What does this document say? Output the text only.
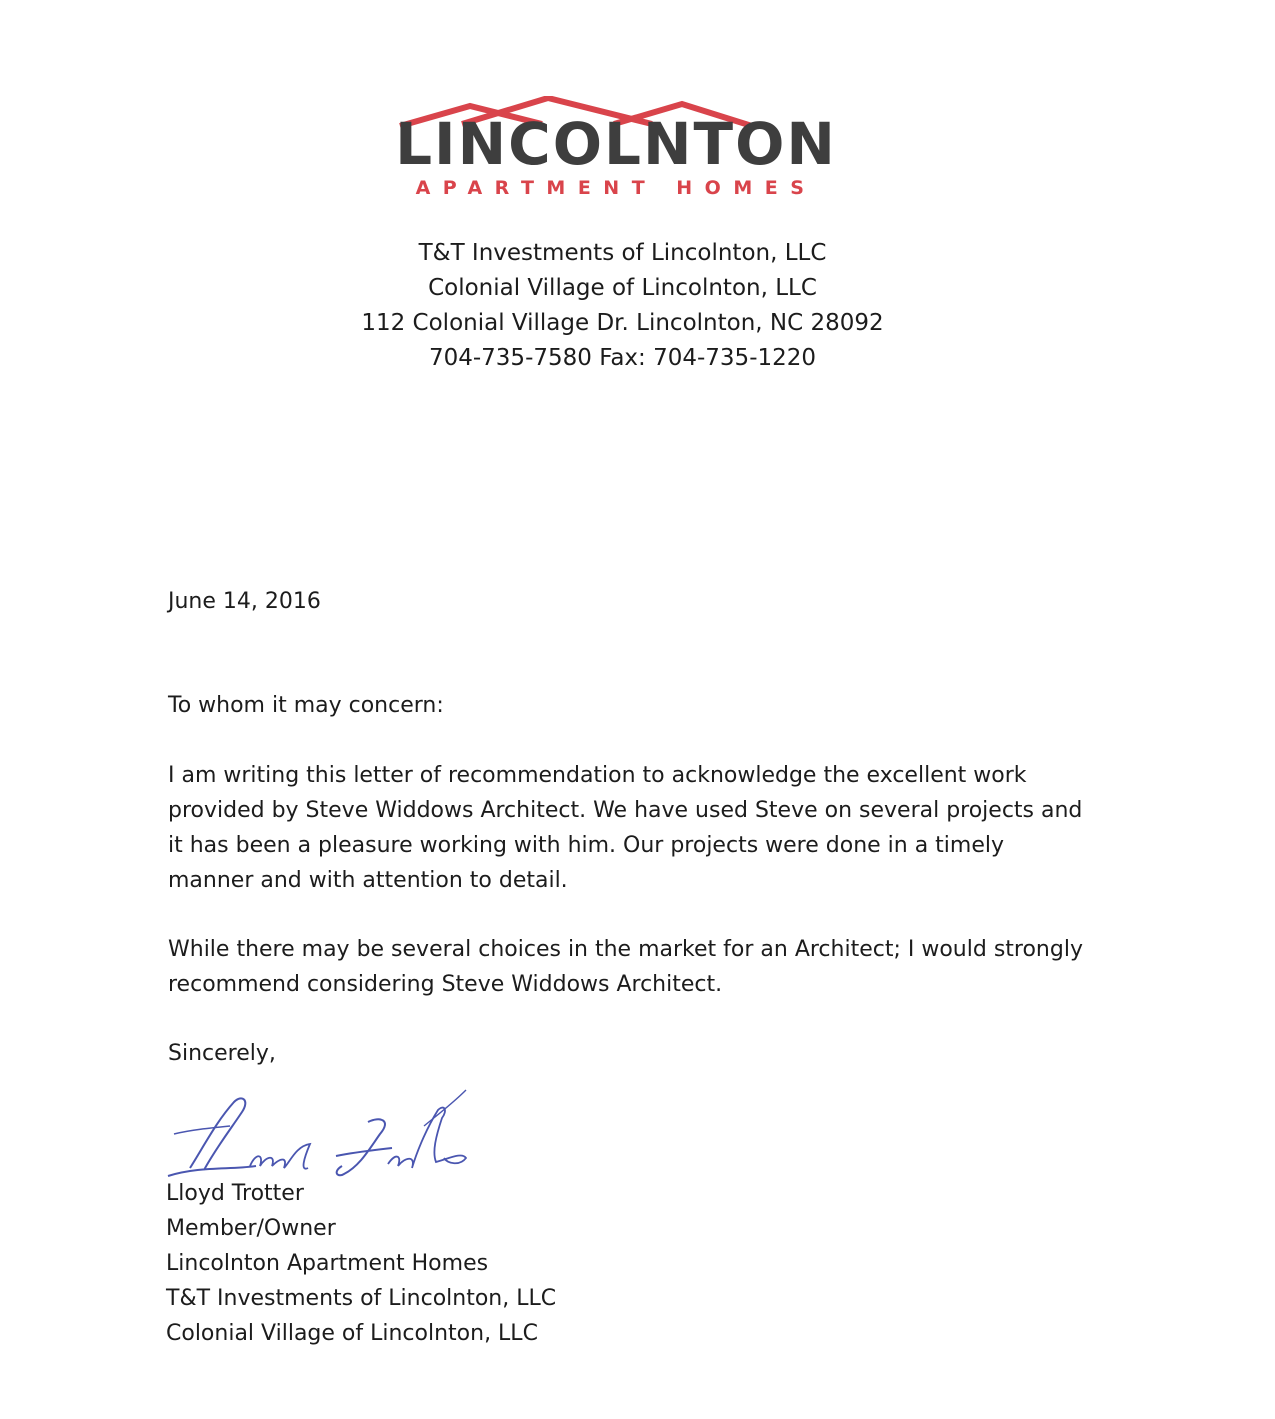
LINCOLNTON
APARTMENT HOMES
T&T Investments of Lincolnton, LLC
Colonial Village of Lincolnton, LLC
112 Colonial Village Dr. Lincolnton, NC 28092
704-735-7580 Fax: 704-735-1220
June 14, 2016
To whom it may concern:

I am writing this letter of recommendation to acknowledge the excellent work provided by Steve Widdows Architect. We have used Steve on several projects and it has been a pleasure working with him. Our projects were done in a timely manner and with attention to detail.

While there may be several choices in the market for an Architect; I would strongly recommend considering Steve Widdows Architect.

Sincerely,
Lloyd Trotter
Member/Owner
Lincolnton Apartment Homes
T&T Investments of Lincolnton, LLC
Colonial Village of Lincolnton, LLC
